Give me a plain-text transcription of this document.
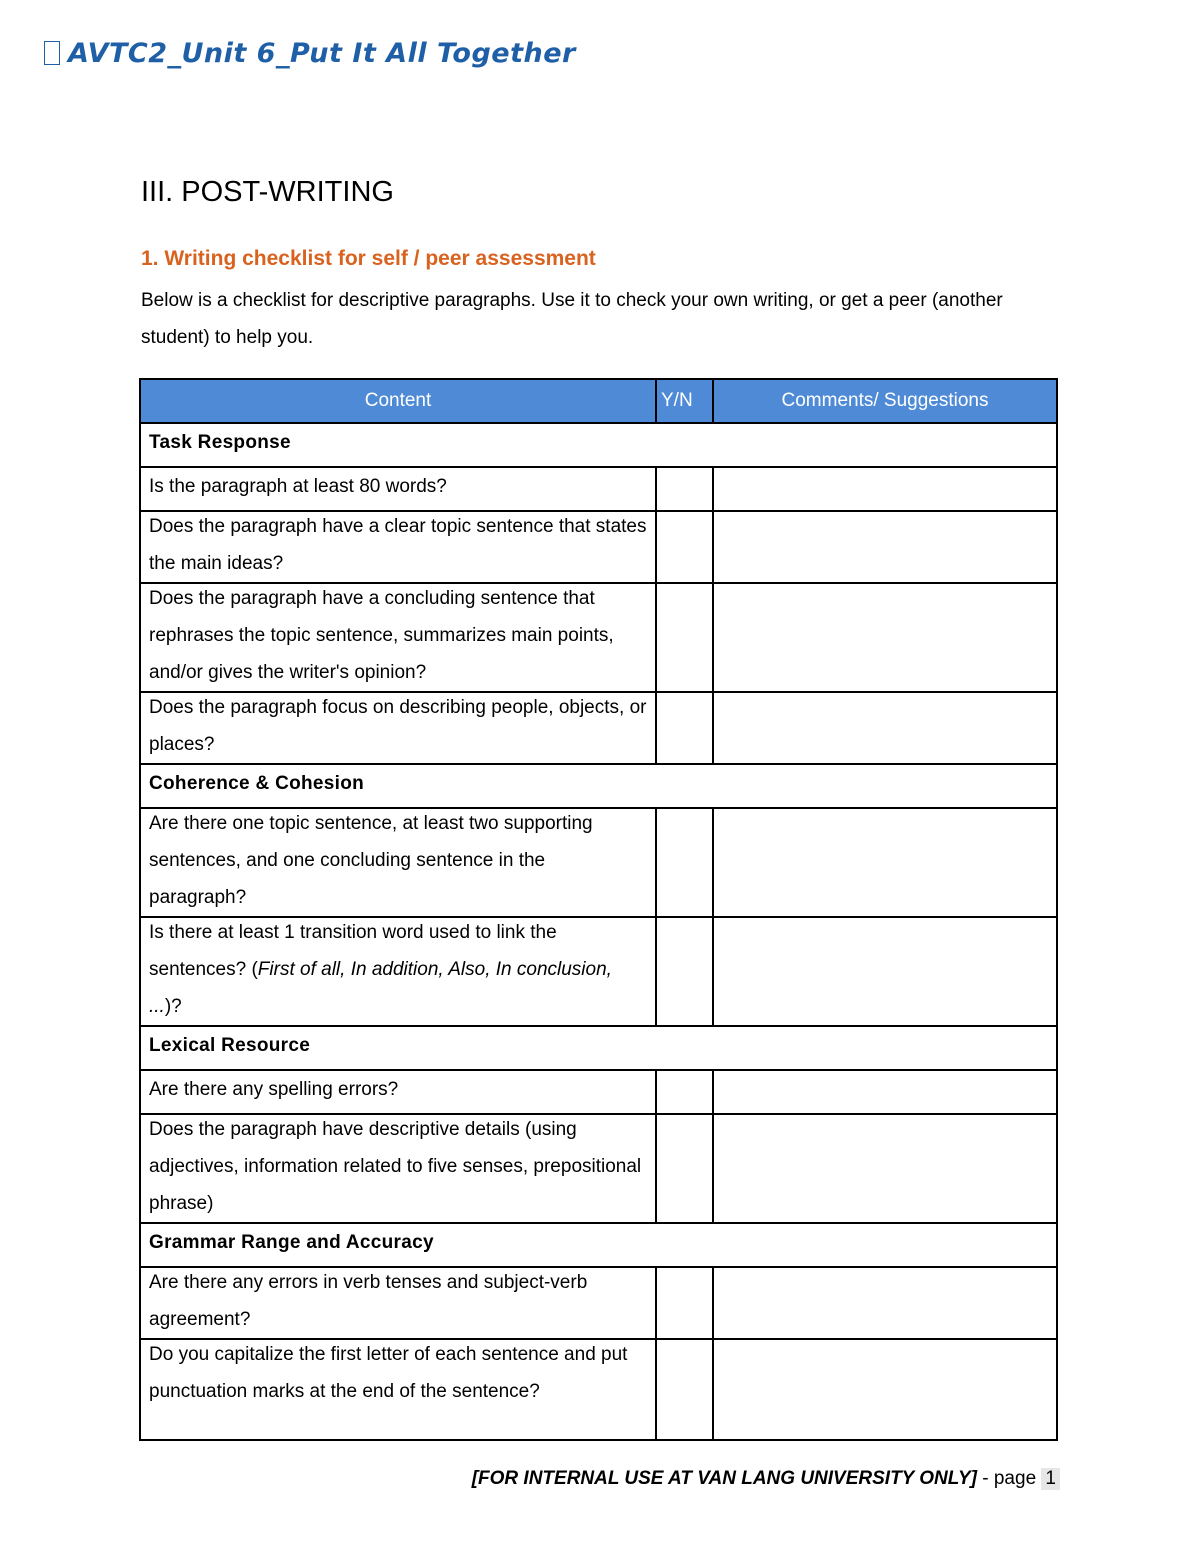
AVTC2_Unit 6_Put It All Together
III. POST-WRITING
1. Writing checklist for self / peer assessment
Below is a checklist for descriptive paragraphs. Use it to check your own writing, or get a peer (another student) to help you.
Content	Y/N	Comments/ Suggestions
Task Response		

Is the paragraph at least 80 words?		

Does the paragraph have a clear topic sentence that states the main ideas?		

Does the paragraph have a concluding sentence that rephrases the topic sentence, summarizes main points, and/or gives the writer's opinion?		

Does the paragraph focus on describing people, objects, or places?		

Coherence & Cohesion		

Are there one topic sentence, at least two supporting sentences, and one concluding sentence in the paragraph?		

Is there at least 1 transition word used to link the sentences? (First of all, In addition, Also, In conclusion, ...)?		

Lexical Resource		

Are there any spelling errors?		

Does the paragraph have descriptive details (using adjectives, information related to five senses, prepositional phrase)		

Grammar Range and Accuracy		

Are there any errors in verb tenses and subject-verb agreement?		

Do you capitalize the first letter of each sentence and put punctuation marks at the end of the sentence?		

[FOR INTERNAL USE AT VAN LANG UNIVERSITY ONLY] - page 1
